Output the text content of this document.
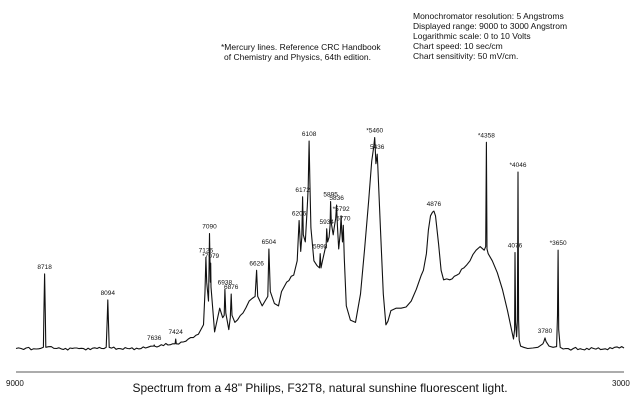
8718
8094
7636
7424
7126
7090
*7079
6938
6876
6626
6504
6206
6172
6108
5934
5895
5998
5836
*5792
5770
*5460
5436
4876
*4358
4076
*4046
3780
*3650
9000	3000
Spectrum from a 48" Philips, F32T8, natural sunshine fluorescent light.
Monochromator resolution: 5 Angstroms
Displayed range: 9000 to 3000 Angstrom
Logarithmic scale: 0 to 10 Volts
Chart speed: 10 sec/cm
Chart sensitivity: 50 mV/cm.
*Mercury lines. Reference CRC Handbook
of Chemistry and Physics, 64th edition.
